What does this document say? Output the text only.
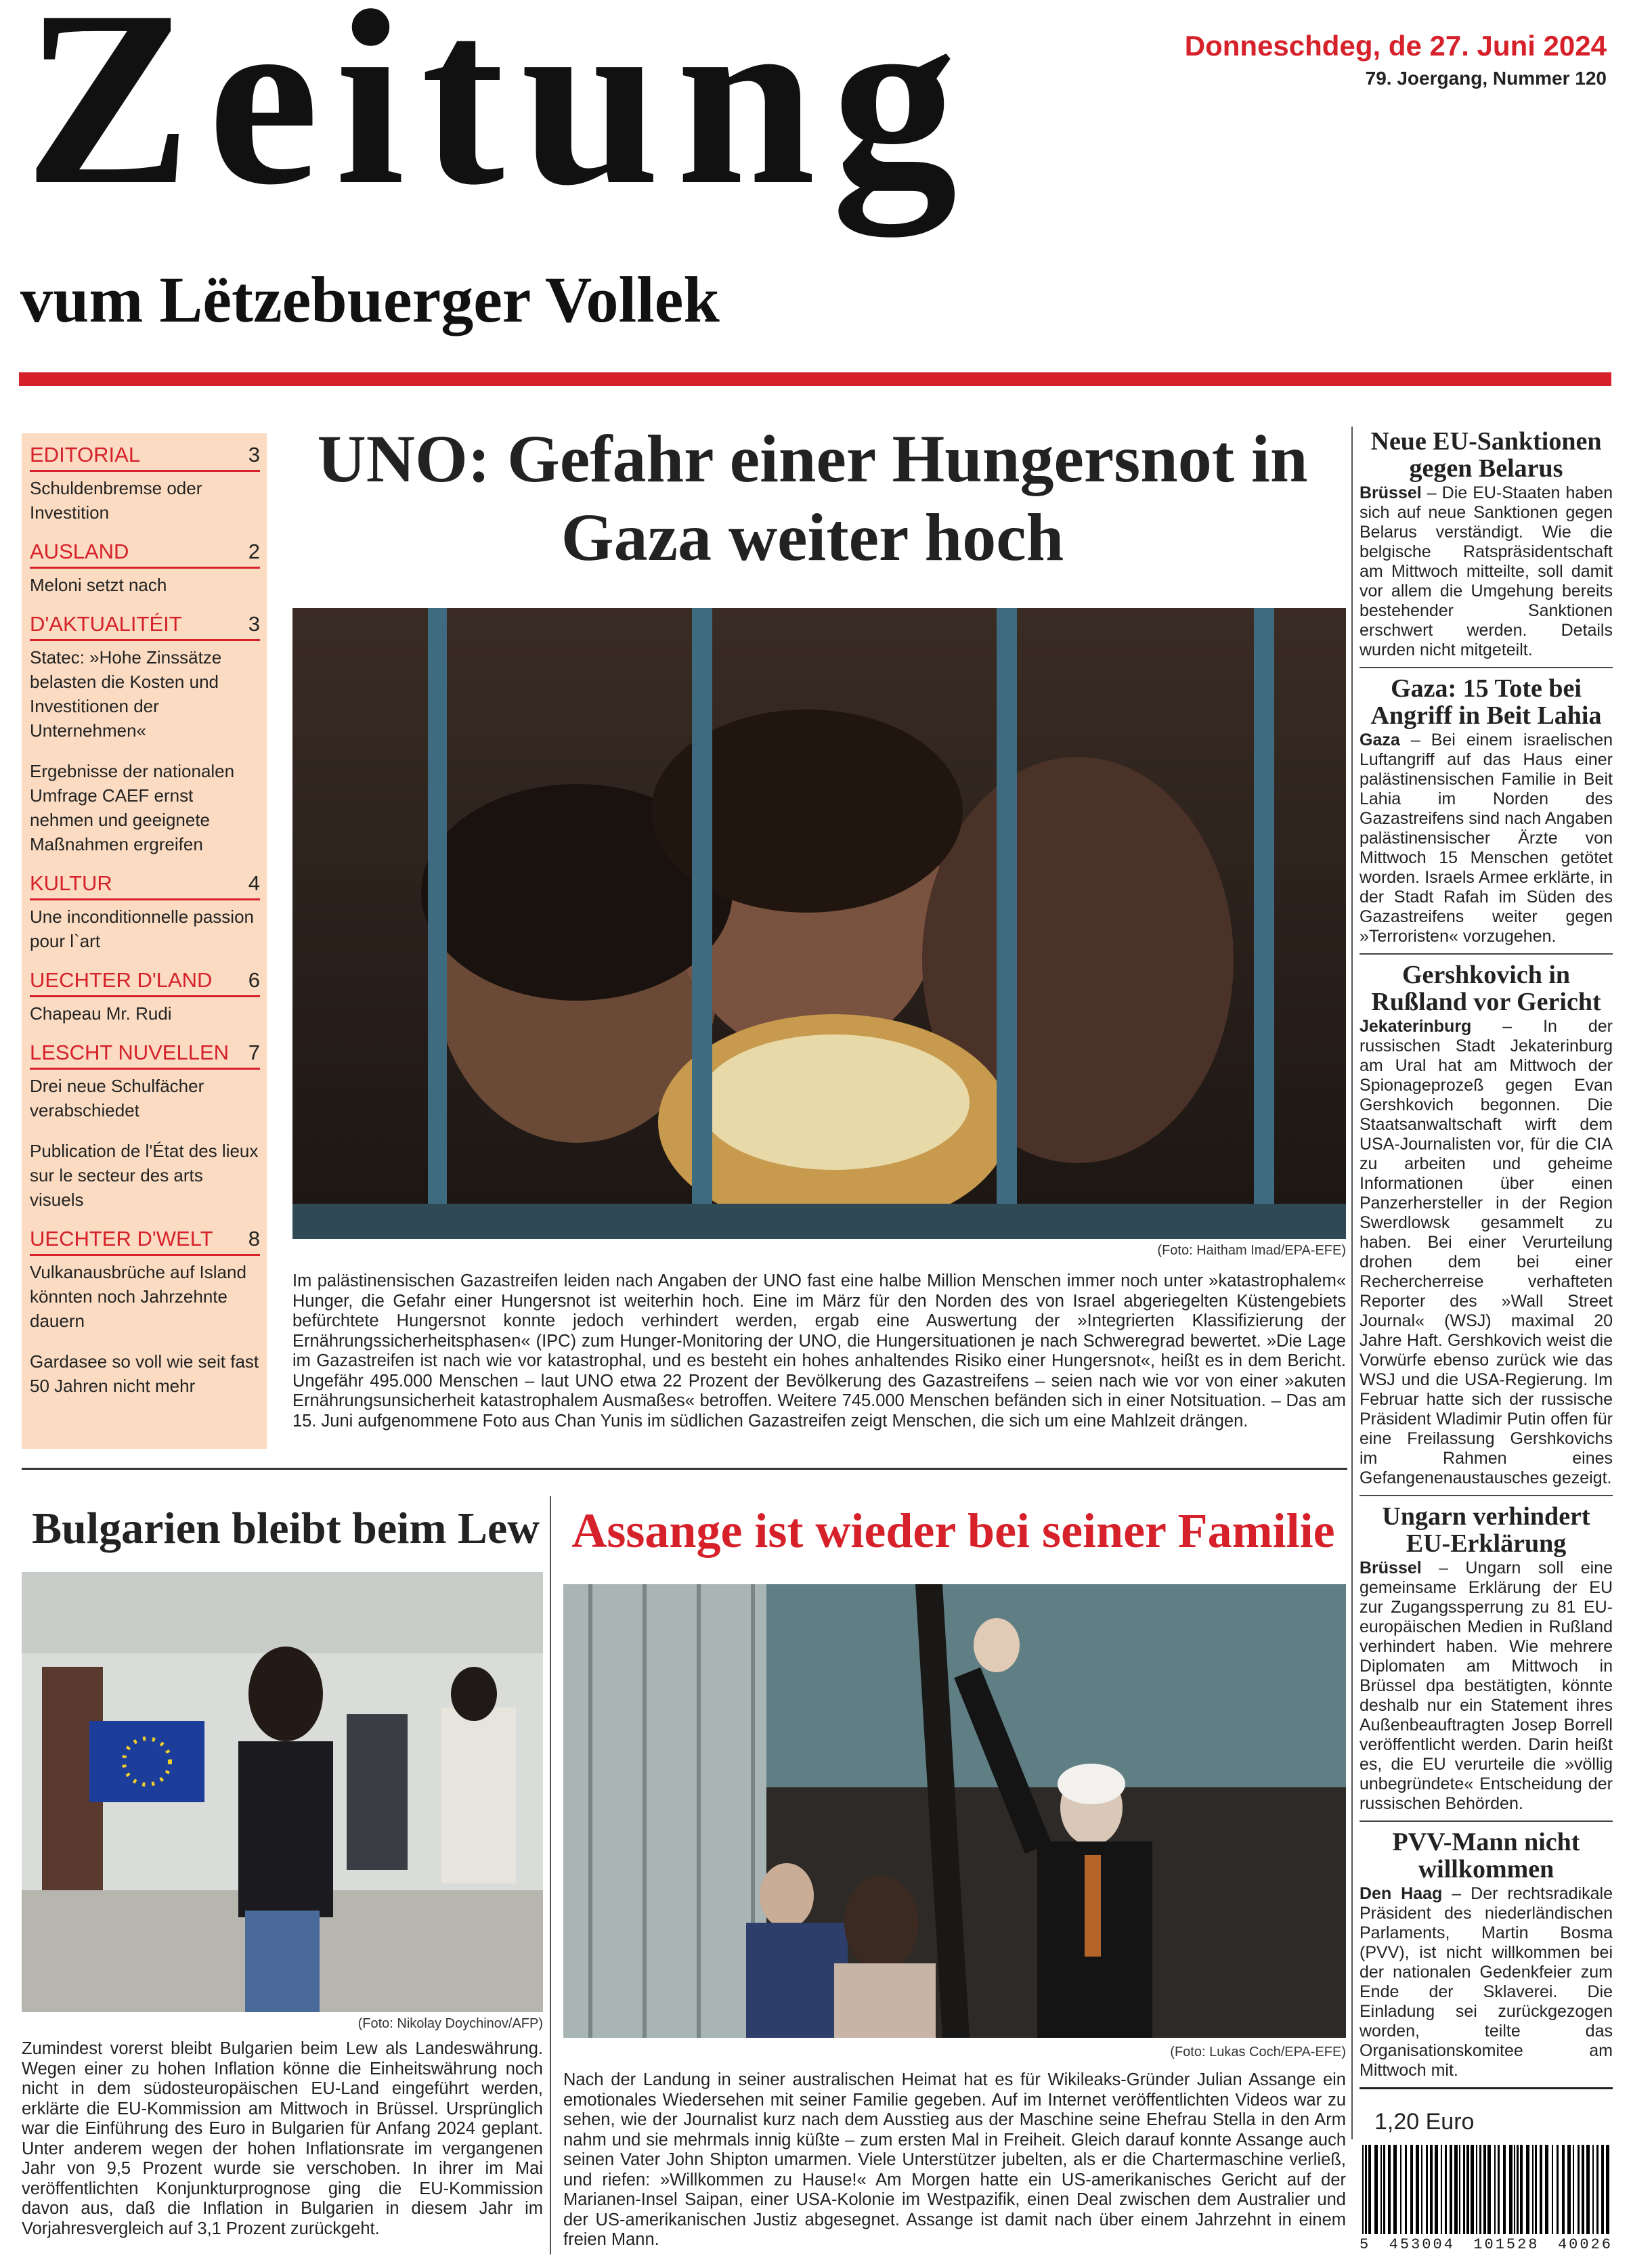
Zeitung
vum Lëtzebuerger Vollek
Donneschdeg, de 27. Juni 2024
79. Joergang, Nummer 120
EDITORIAL	3
Schuldenbremse oder Investition
AUSLAND	2
Meloni setzt nach
D'AKTUALITÉIT	3
Statec: »Hohe Zinssätze belasten die Kosten und Investitionen der Unternehmen«
Ergebnisse der nationalen Umfrage CAEF ernst nehmen und geeignete Maßnahmen ergreifen
KULTUR	4
Une inconditionnelle passion pour l`art
UECHTER D'LAND 6
Chapeau Mr. Rudi
LESCHT NUVELLEN 7
Drei neue Schulfächer verabschiedet
Publication de l'État des lieux sur le secteur des arts visuels
UECHTER D'WELT 8
Vulkanausbrüche auf Island könnten noch Jahrzehnte dauern
Gardasee so voll wie seit fast 50 Jahren nicht mehr
UNO: Gefahr einer Hungersnot in Gaza weiter hoch
(Foto: Haitham Imad/EPA-EFE)
Im palästinensischen Gazastreifen leiden nach Angaben der UNO fast eine halbe Million Menschen immer noch unter »katastrophalem« Hunger, die Gefahr einer Hungersnot ist weiterhin hoch. Eine im März für den Norden des von Israel abgeriegelten Küstengebiets befürchtete Hungersnot konnte jedoch verhindert werden, ergab eine Auswertung der »Integrierten Klassifizierung der Ernährungssicherheitsphasen« (IPC) zum Hunger-Monitoring der UNO, die Hungersituationen je nach Schweregrad bewertet. »Die Lage im Gazastreifen ist nach wie vor katastrophal, und es besteht ein hohes anhaltendes Risiko einer Hungersnot«, heißt es in dem Bericht. Ungefähr 495.000 Menschen – laut UNO etwa 22 Prozent der Bevölkerung des Gazastreifens – seien nach wie vor von einer »akuten Ernährungsunsicherheit katastrophalem Ausmaßes« betroffen. Weitere 745.000 Menschen befänden sich in einer Notsituation. – Das am 15. Juni aufgenommene Foto aus Chan Yunis im südlichen Gazastreifen zeigt Menschen, die sich um eine Mahlzeit drängen.
Bulgarien bleibt beim Lew
(Foto: Nikolay Doychinov/AFP)
Zumindest vorerst bleibt Bulgarien beim Lew als Landeswährung. Wegen einer zu hohen Inflation könne die Einheitswährung noch nicht in dem südosteuropäischen EU-Land eingeführt werden, erklärte die EU-Kommission am Mittwoch in Brüssel. Ursprünglich war die Einführung des Euro in Bulgarien für Anfang 2024 geplant. Unter anderem wegen der hohen Inflationsrate im vergangenen Jahr von 9,5 Prozent wurde sie verschoben. In ihrer im Mai veröffentlichten Konjunkturprognose ging die EU-Kommission davon aus, daß die Inflation in Bulgarien in diesem Jahr im Vorjahresvergleich auf 3,1 Prozent zurückgeht.
Assange ist wieder bei seiner Familie
(Foto: Lukas Coch/EPA-EFE)
Nach der Landung in seiner australischen Heimat hat es für Wikileaks-Gründer Julian Assange ein emotionales Wiedersehen mit seiner Familie gegeben. Auf im Internet veröffentlichten Videos war zu sehen, wie der Journalist kurz nach dem Ausstieg aus der Maschine seine Ehefrau Stella in den Arm nahm und sie mehrmals innig küßte – zum ersten Mal in Freiheit. Gleich darauf konnte Assange auch seinen Vater John Shipton umarmen. Viele Unterstützer jubelten, als er die Chartermaschine verließ, und riefen: »Willkommen zu Hause!« Am Morgen hatte ein US-amerikanisches Gericht auf der Marianen-Insel Saipan, einer USA-Kolonie im Westpazifik, einen Deal zwischen dem Australier und der US-amerikanischen Justiz abgesegnet. Assange ist damit nach über einem Jahrzehnt in einem freien Mann.
Neue EU-Sanktionen gegen Belarus
Brüssel – Die EU-Staaten haben sich auf neue Sanktionen gegen Belarus verständigt. Wie die belgische Ratspräsidentschaft am Mittwoch mitteilte, soll damit vor allem die Umgehung bereits bestehender Sanktionen erschwert werden. Details wurden nicht mitgeteilt.
Gaza: 15 Tote bei Angriff in Beit Lahia
Gaza – Bei einem israelischen Luftangriff auf das Haus einer palästinensischen Familie in Beit Lahia im Norden des Gazastreifens sind nach Angaben palästinensischer Ärzte von Mittwoch 15 Menschen getötet worden. Israels Armee erklärte, in der Stadt Rafah im Süden des Gazastreifens weiter gegen »Terroristen« vorzugehen.
Gershkovich in Rußland vor Gericht
Jekaterinburg – In der russischen Stadt Jekaterinburg am Ural hat am Mittwoch der Spionageprozeß gegen Evan Gershkovich begonnen. Die Staatsanwaltschaft wirft dem USA-Journalisten vor, für die CIA zu arbeiten und geheime Informationen über einen Panzerhersteller in der Region Swerdlowsk gesammelt zu haben. Bei einer Verurteilung drohen dem bei einer Rechercherreise verhafteten Reporter des »Wall Street Journal« (WSJ) maximal 20 Jahre Haft. Gershkovich weist die Vorwürfe ebenso zurück wie das WSJ und die USA-Regierung. Im Februar hatte sich der russische Präsident Wladimir Putin offen für eine Freilassung Gershkovichs im Rahmen eines Gefangenenaustausches gezeigt.
Ungarn verhindert EU-Erklärung
Brüssel – Ungarn soll eine gemeinsame Erklärung der EU zur Zugangssperrung zu 81 EU-europäischen Medien in Rußland verhindert haben. Wie mehrere Diplomaten am Mittwoch in Brüssel dpa bestätigten, könnte deshalb nur ein Statement ihres Außenbeauftragten Josep Borrell veröffentlicht werden. Darin heißt es, die EU verurteile die »völlig unbegründete« Entscheidung der russischen Behörden.
PVV-Mann nicht willkommen
Den Haag – Der rechtsradikale Präsident des niederländischen Parlaments, Martin Bosma (PVV), ist nicht willkommen bei der nationalen Gedenkfeier zum Ende der Sklaverei. Die Einladung sei zurückgezogen worden, teilte das Organisationskomitee am Mittwoch mit.
1,20 Euro
5 453004 101528 40026
